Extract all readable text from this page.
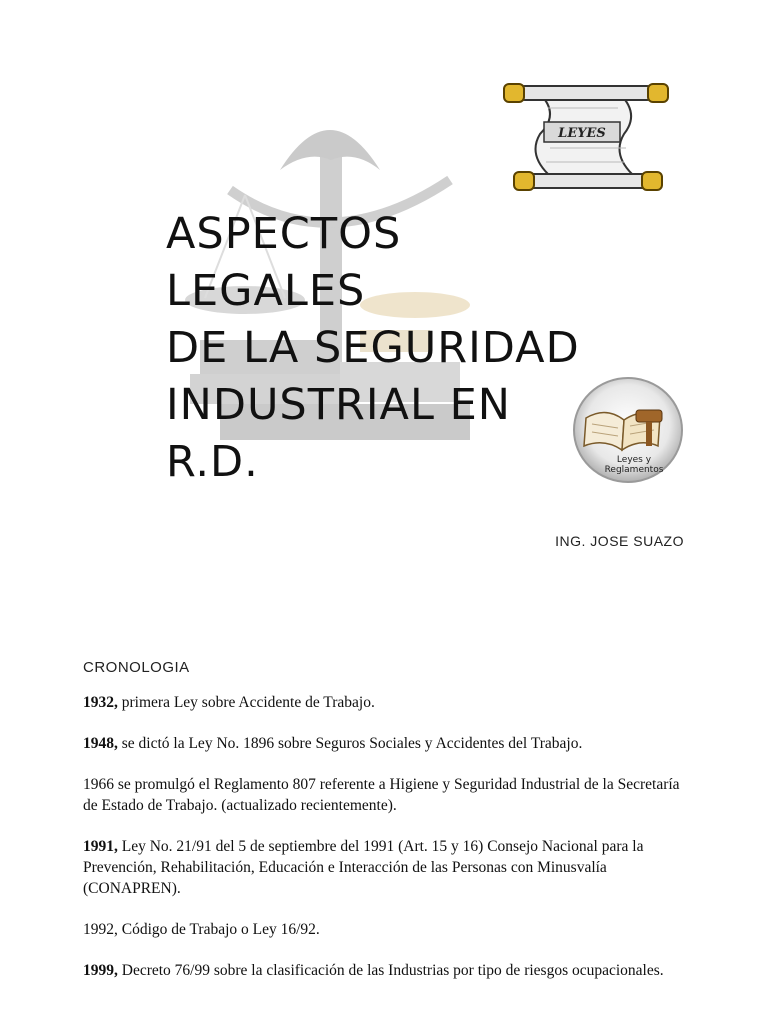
LEYES
Leyes y
Reglamentos
ASPECTOS
LEGALES
DE LA SEGURIDAD
INDUSTRIAL EN
R.D.
ING. JOSE SUAZO
CRONOLOGIA

1932, primera Ley sobre Accidente de Trabajo.

1948, se dictó la Ley No. 1896 sobre Seguros Sociales y Accidentes del Trabajo.

1966 se promulgó el Reglamento 807 referente a Higiene y Seguridad Industrial de la Secretaría de Estado de Trabajo. (actualizado recientemente).

1991, Ley No. 21/91 del 5 de septiembre del 1991 (Art. 15 y 16) Consejo Nacional para la Prevención, Rehabilitación, Educación e Interacción de las Personas con Minusvalía (CONAPREN).

1992, Código de Trabajo o Ley 16/92.

1999, Decreto 76/99 sobre la clasificación de las Industrias por tipo de riesgos ocupacionales.
